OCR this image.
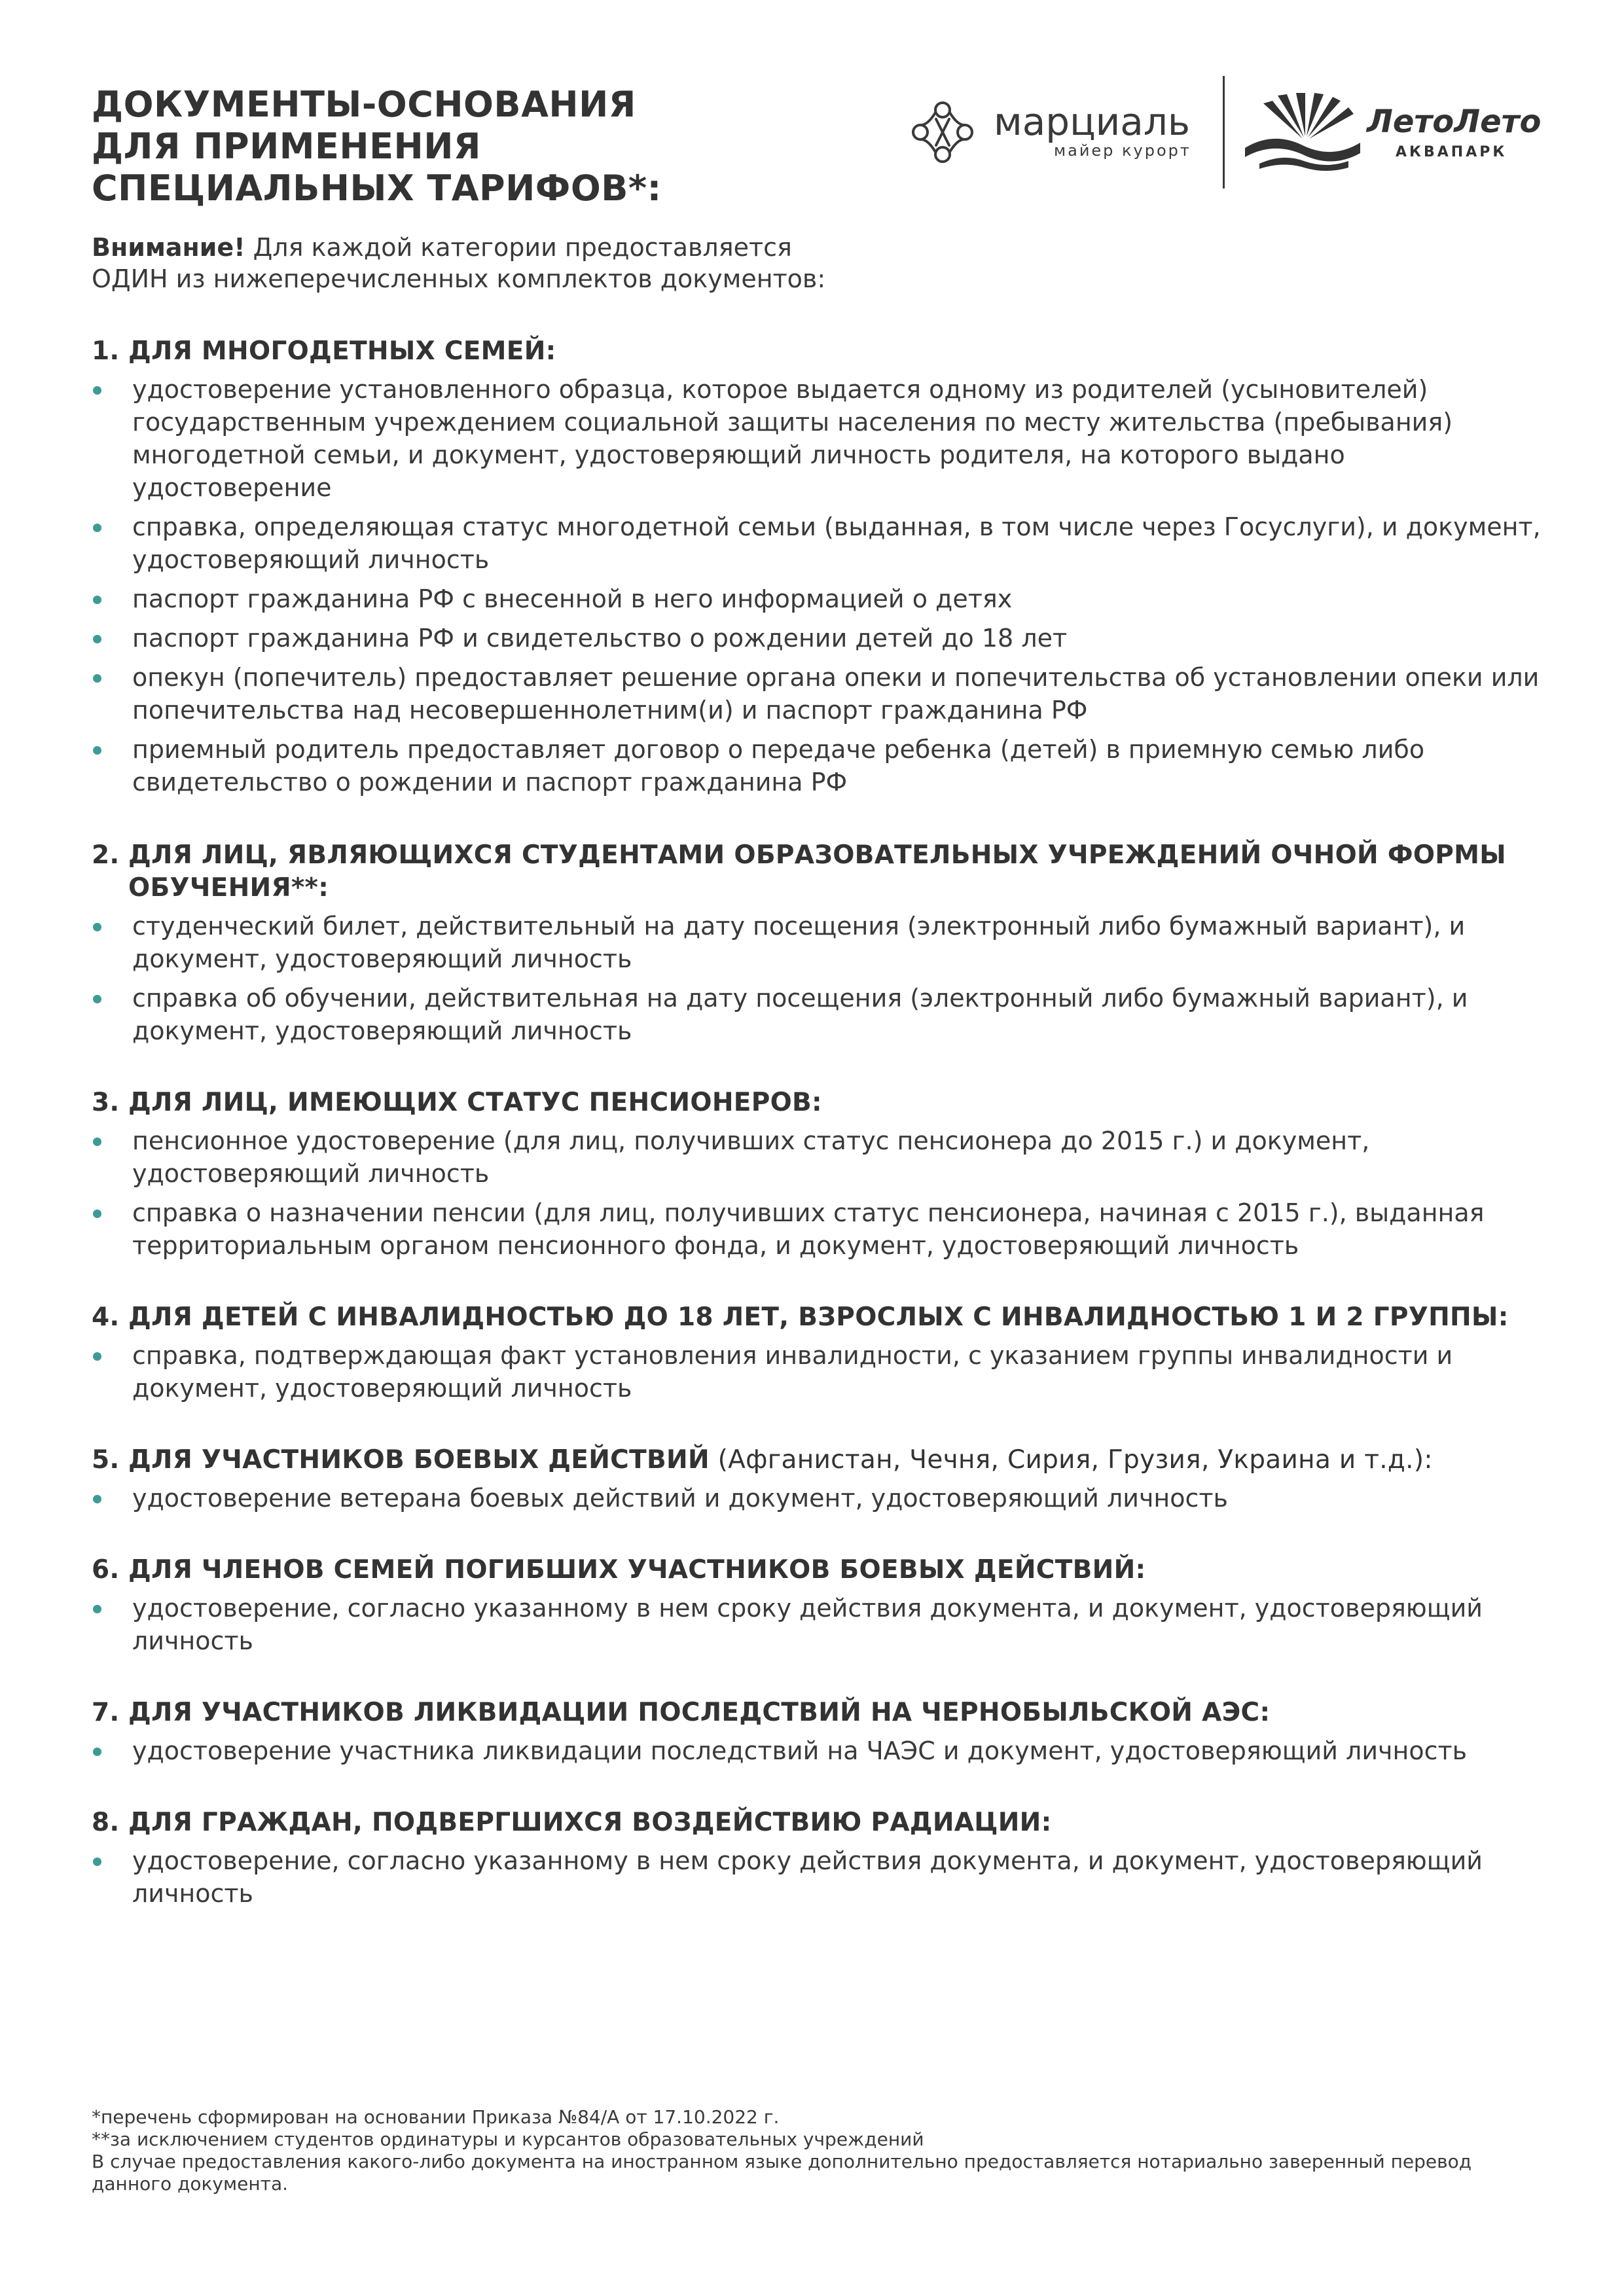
ДОКУМЕНТЫ-ОСНОВАНИЯ
ДЛЯ ПРИМЕНЕНИЯ
СПЕЦИАЛЬНЫХ ТАРИФОВ*:
марциаль
майер курорт
ЛетоЛето
АКВАПАРК

Внимание! Для каждой категории предоставляется
ОДИН из нижеперечисленных комплектов документов:

1. ДЛЯ МНОГОДЕТНЫХ СЕМЕЙ:
удостоверение установленного образца, которое выдается одному из родителей (усыновителей) государственным учреждением социальной защиты населения по месту жительства (пребывания) многодетной семьи, и документ, удостоверяющий личность родителя, на которого выдано удостоверение
справка, определяющая статус многодетной семьи (выданная, в том числе через Госуслуги), и документ, удостоверяющий личность
паспорт гражданина РФ с внесенной в него информацией о детях
паспорт гражданина РФ и свидетельство о рождении детей до 18 лет
опекун (попечитель) предоставляет решение органа опеки и попечительства об установлении опеки или попечительства над несовершеннолетним(и) и паспорт гражданина РФ
приемный родитель предоставляет договор о передаче ребенка (детей) в приемную семью либо свидетельство о рождении и паспорт гражданина РФ
2. ДЛЯ ЛИЦ, ЯВЛЯЮЩИХСЯ СТУДЕНТАМИ ОБРАЗОВАТЕЛЬНЫХ УЧРЕЖДЕНИЙ ОЧНОЙ ФОРМЫ ОБУЧЕНИЯ**:
студенческий билет, действительный на дату посещения (электронный либо бумажный вариант), и документ, удостоверяющий личность
справка об обучении, действительная на дату посещения (электронный либо бумажный вариант), и документ, удостоверяющий личность
3. ДЛЯ ЛИЦ, ИМЕЮЩИХ СТАТУС ПЕНСИОНЕРОВ:
пенсионное удостоверение (для лиц, получивших статус пенсионера до 2015 г.) и документ, удостоверяющий личность
справка о назначении пенсии (для лиц, получивших статус пенсионера, начиная с 2015 г.), выданная территориальным органом пенсионного фонда, и документ, удостоверяющий личность
4. ДЛЯ ДЕТЕЙ С ИНВАЛИДНОСТЬЮ ДО 18 ЛЕТ, ВЗРОСЛЫХ С ИНВАЛИДНОСТЬЮ 1 И 2 ГРУППЫ:
справка, подтверждающая факт установления инвалидности, с указанием группы инвалидности и документ, удостоверяющий личность
5. ДЛЯ УЧАСТНИКОВ БОЕВЫХ ДЕЙСТВИЙ (Афганистан, Чечня, Сирия, Грузия, Украина и т.д.):
удостоверение ветерана боевых действий и документ, удостоверяющий личность
6. ДЛЯ ЧЛЕНОВ СЕМЕЙ ПОГИБШИХ УЧАСТНИКОВ БОЕВЫХ ДЕЙСТВИЙ:
удостоверение, согласно указанному в нем сроку действия документа, и документ, удостоверяющий личность
7. ДЛЯ УЧАСТНИКОВ ЛИКВИДАЦИИ ПОСЛЕДСТВИЙ НА ЧЕРНОБЫЛЬСКОЙ АЭС:
удостоверение участника ликвидации последствий на ЧАЭС и документ, удостоверяющий личность
8. ДЛЯ ГРАЖДАН, ПОДВЕРГШИХСЯ ВОЗДЕЙСТВИЮ РАДИАЦИИ:
удостоверение, согласно указанному в нем сроку действия документа, и документ, удостоверяющий личность

*перечень сформирован на основании Приказа №84/А от 17.10.2022 г.

**за исключением студентов ординатуры и курсантов образовательных учреждений

В случае предоставления какого-либо документа на иностранном языке дополнительно предоставляется нотариально заверенный перевод данного документа.
